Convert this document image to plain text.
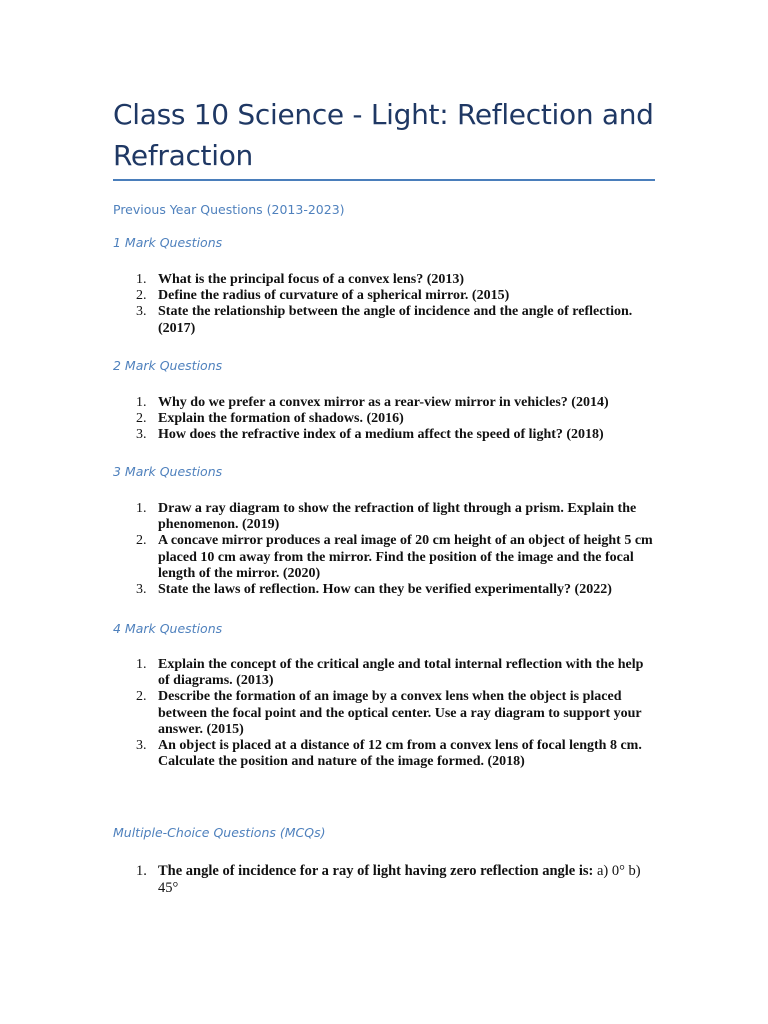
Class 10 Science - Light: Reflection and Refraction

Previous Year Questions (2013-2023)

1 Mark Questions
1. What is the principal focus of a convex lens? (2013)
2. Define the radius of curvature of a spherical mirror. (2015)
3. State the relationship between the angle of incidence and the angle of reflection. (2017)
2 Mark Questions
1. Why do we prefer a convex mirror as a rear-view mirror in vehicles? (2014)
2. Explain the formation of shadows. (2016)
3. How does the refractive index of a medium affect the speed of light? (2018)
3 Mark Questions
1. Draw a ray diagram to show the refraction of light through a prism. Explain the phenomenon. (2019)
2. A concave mirror produces a real image of 20 cm height of an object of height 5 cm placed 10 cm away from the mirror. Find the position of the image and the focal length of the mirror. (2020)
3. State the laws of reflection. How can they be verified experimentally? (2022)
4 Mark Questions
1. Explain the concept of the critical angle and total internal reflection with the help of diagrams. (2013)
2. Describe the formation of an image by a convex lens when the object is placed between the focal point and the optical center. Use a ray diagram to support your answer. (2015)
3. An object is placed at a distance of 12 cm from a convex lens of focal length 8 cm. Calculate the position and nature of the image formed. (2018)
Multiple-Choice Questions (MCQs)
1. The angle of incidence for a ray of light having zero reflection angle is: a) 0° b) 45°
